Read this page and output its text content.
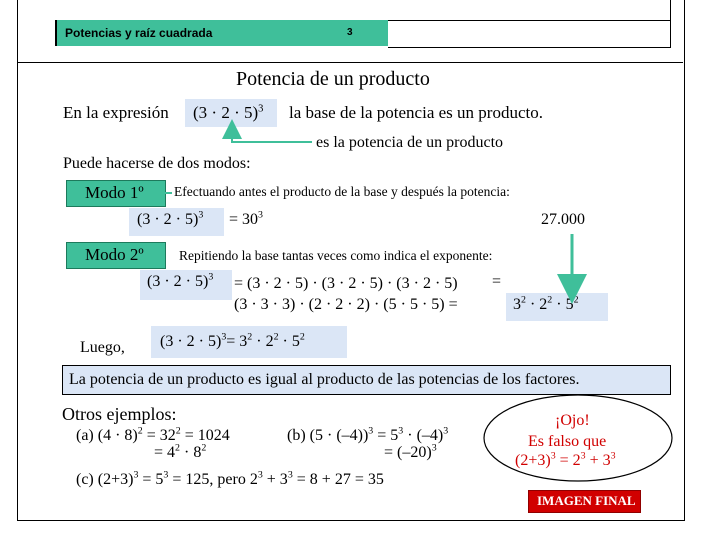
Potencias y raíz cuadrada	3
Potencia de un producto
En la expresión $(3 \cdot 2 \cdot 5)^3$ la base de la potencia es un producto.
es la potencia de un producto
Puede hacerse de dos modos:
Modo 1º Efectuando antes el producto de la base y después la potencia:
$(3 \cdot 2 \cdot 5)^3 = 30^3$	27.000
Modo 2º	Repitiendo la base tantas veces como indica el exponente:
$(3 \cdot 2 \cdot 5)^3 = (3 \cdot 2 \cdot 5) \cdot (3 \cdot 2 \cdot 5) \cdot (3 \cdot 2 \cdot 5)$ =
(3 · 3 · 3) · (2 · 2 · 2) · (5 · 5 · 5) =	$3^2 \cdot 2^2 \cdot 5^2$
Luego, $(3 \cdot 2 \cdot 5)^3= 3^2 \cdot 2^2 \cdot 5^2$
La potencia de un producto es igual al producto de las potencias de los factores.
Otros ejemplos:
(a) $(4 \cdot 8)^2 = 32^2 = 1024$
= $4^2 \cdot 8^2$
(b) $(5 \cdot (-4))^3 = 5^3 \cdot (-4)^3$
= $(-20)^3$
(c) $(2+3)^3 = 5^3 = 125$, pero $2^3 + 3^3 = 8 + 27 = 35$
¡Ojo!
Es falso que
$(2+3)^3 = 2^3 + 3^3$
IMAGEN FINAL
